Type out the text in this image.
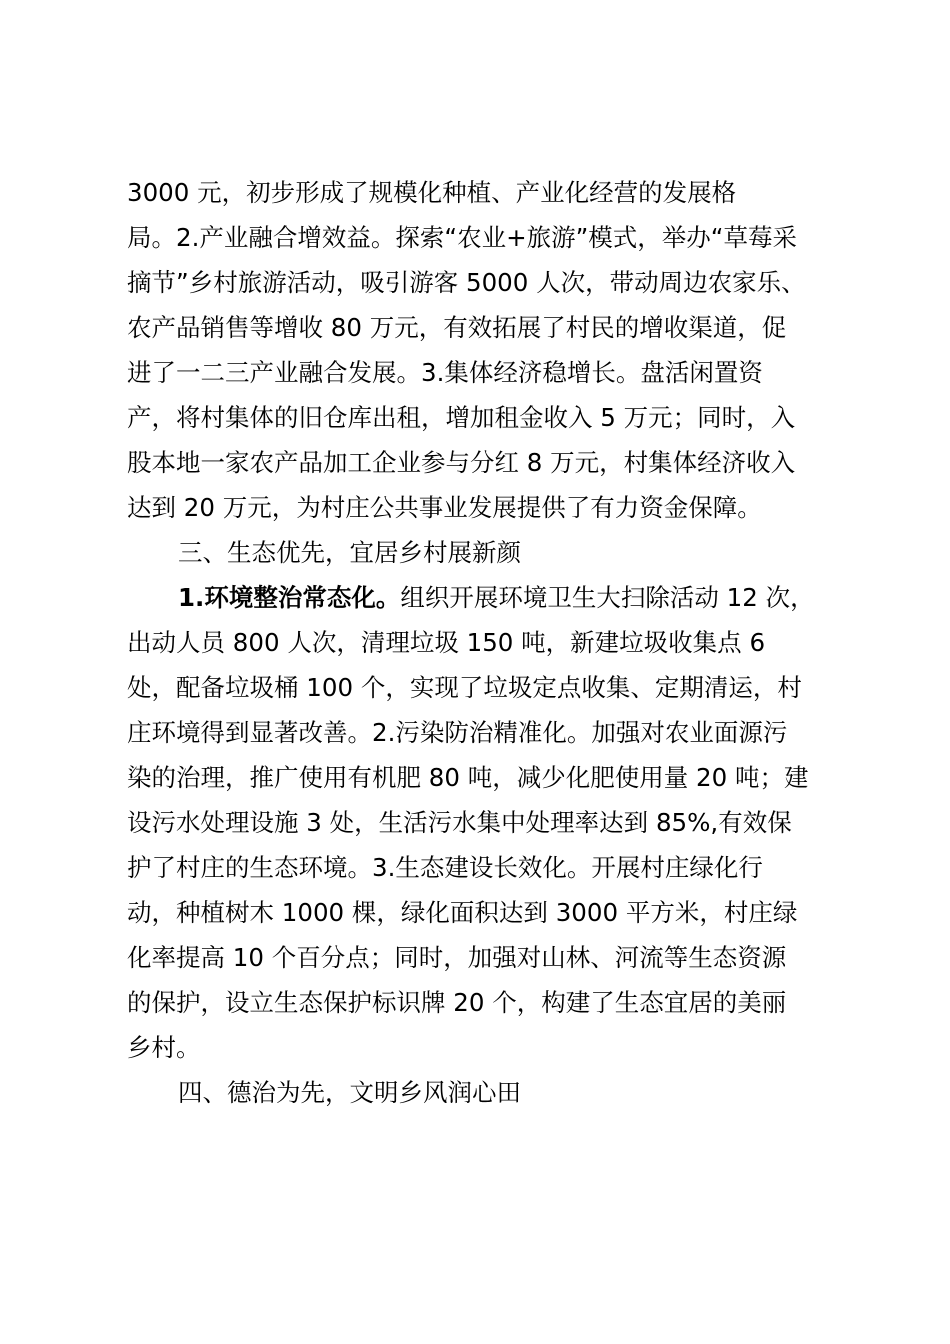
3000 元，初步形成了规模化种植、产业化经营的发展格
局。2.产业融合增效益。探索“农业+旅游”模式，举办“草莓采
摘节”乡村旅游活动，吸引游客 5000 人次，带动周边农家乐、
农产品销售等增收 80 万元，有效拓展了村民的增收渠道，促
进了一二三产业融合发展。3.集体经济稳增长。盘活闲置资
产，将村集体的旧仓库出租，增加租金收入 5 万元；同时，入
股本地一家农产品加工企业参与分红 8 万元，村集体经济收入
达到 20 万元，为村庄公共事业发展提供了有力资金保障。
三、生态优先，宜居乡村展新颜
1.环境整治常态化。组织开展环境卫生大扫除活动 12 次，
出动人员 800 人次，清理垃圾 150 吨，新建垃圾收集点 6
处，配备垃圾桶 100 个，实现了垃圾定点收集、定期清运，村
庄环境得到显著改善。2.污染防治精准化。加强对农业面源污
染的治理，推广使用有机肥 80 吨，减少化肥使用量 20 吨；建
设污水处理设施 3 处，生活污水集中处理率达到 85%,有效保
护了村庄的生态环境。3.生态建设长效化。开展村庄绿化行
动，种植树木 1000 棵，绿化面积达到 3000 平方米，村庄绿
化率提高 10 个百分点；同时，加强对山林、河流等生态资源
的保护，设立生态保护标识牌 20 个，构建了生态宜居的美丽
乡村。
四、德治为先，文明乡风润心田
